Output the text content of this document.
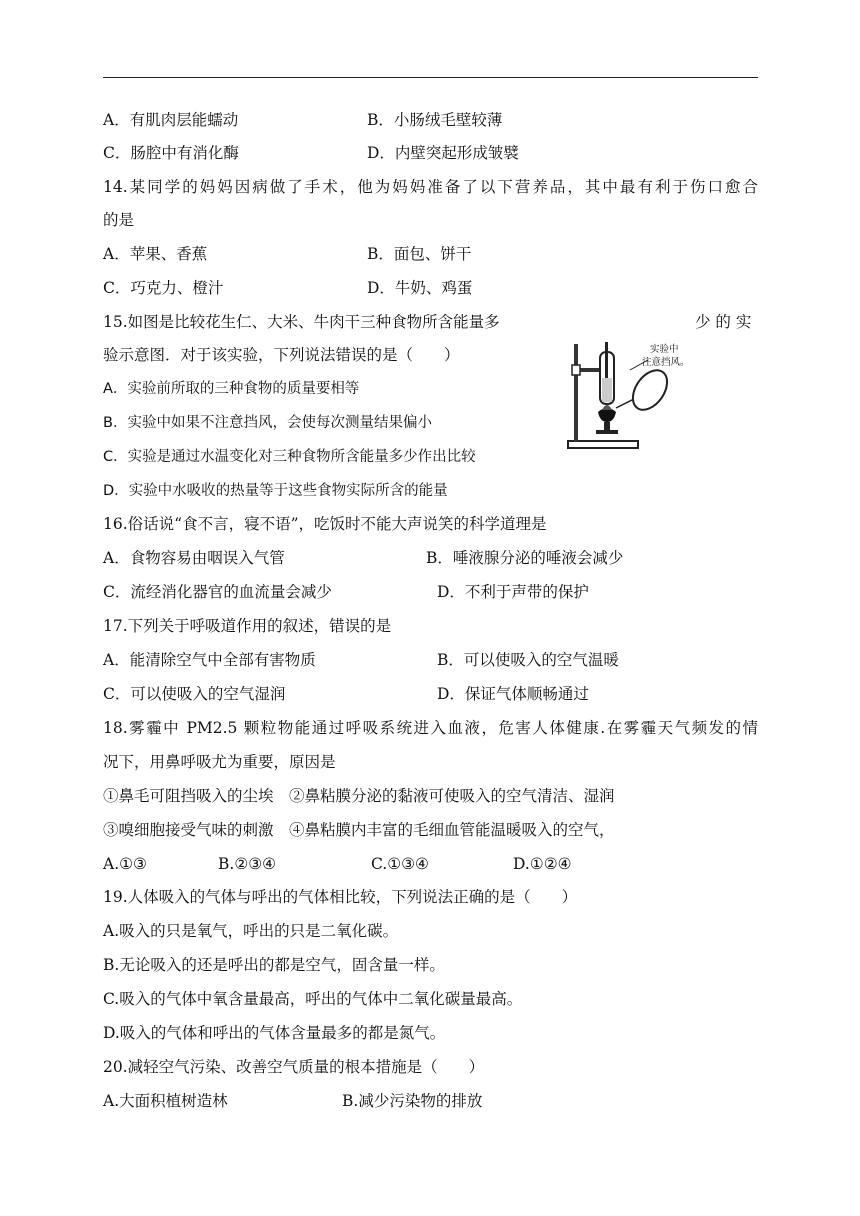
A．有肌肉层能蠕动	B．小肠绒毛壁较薄
C．肠腔中有消化酶	D．内壁突起形成皱襞
14.某同学的妈妈因病做了手术，他为妈妈准备了以下营养品，其中最有利于伤口愈合
的是
A．苹果、香蕉	B．面包、饼干
C．巧克力、橙汁	D．牛奶、鸡蛋
15.如图是比较花生仁、大米、牛肉干三种食物所含能量多	少 的 实
验示意图．对于该实验，下列说法错误的是（　　）
A．实验前所取的三种食物的质量要相等
B．实验中如果不注意挡风，会使每次测量结果偏小
C．实验是通过水温变化对三种食物所含能量多少作出比较
D．实验中水吸收的热量等于这些食物实际所含的能量
实验中
注意挡风。
16.俗话说“食不言，寝不语”，吃饭时不能大声说笑的科学道理是
A．食物容易由咽误入气管	B．唾液腺分泌的唾液会减少
C．流经消化器官的血流量会减少	D．不利于声带的保护
17.下列关于呼吸道作用的叙述，错误的是
A．能清除空气中全部有害物质	B．可以使吸入的空气温暖
C．可以使吸入的空气湿润	D．保证气体顺畅通过
18.雾霾中 PM2.5 颗粒物能通过呼吸系统进入血液，危害人体健康.在雾霾天气频发的情
况下，用鼻呼吸尤为重要，原因是
①鼻毛可阻挡吸入的尘埃　②鼻粘膜分泌的黏液可使吸入的空气清洁、湿润
③嗅细胞接受气味的刺激　④鼻粘膜内丰富的毛细血管能温暖吸入的空气，
A.①③	B.②③④	C.①③④	D.①②④
19.人体吸入的气体与呼出的气体相比较，下列说法正确的是（　　）
A.吸入的只是氧气，呼出的只是二氧化碳。
B.无论吸入的还是呼出的都是空气，固含量一样。
C.吸入的气体中氧含量最高，呼出的气体中二氧化碳量最高。
D.吸入的气体和呼出的气体含量最多的都是氮气。
20.减轻空气污染、改善空气质量的根本措施是（　　）
A.大面积植树造林	B.减少污染物的排放
